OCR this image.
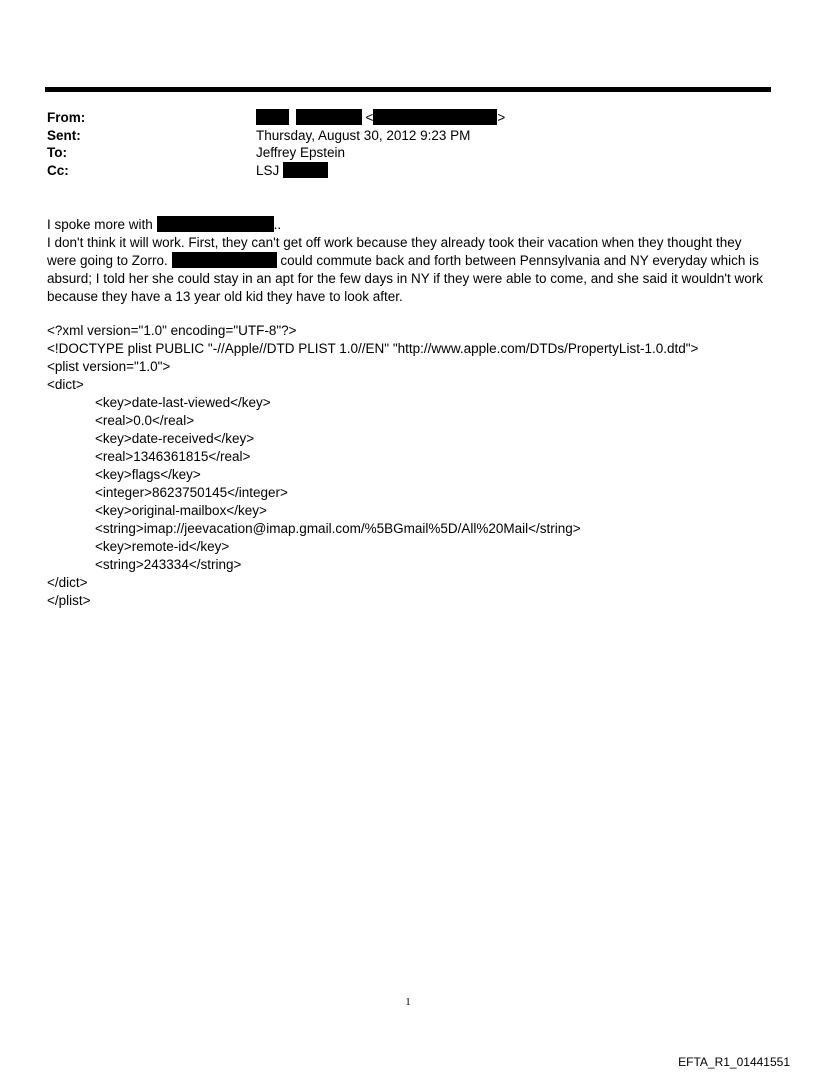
From:	<	>
Sent:	Thursday, August 30, 2012 9:23 PM
To:	Jeffrey Epstein
Cc:	LSJ

I spoke more with	..

I don't think it will work. First, they can't get off work because they already took their vacation when they thought they were going to Zorro.	could commute back and forth between Pennsylvania and NY everyday which is absurd; I told her she could stay in an apt for the few days in NY if they were able to come, and she said it wouldn't work because they have a 13 year old kid they have to look after.

<?xml version="1.0" encoding="UTF-8"?>
<!DOCTYPE plist PUBLIC "-//Apple//DTD PLIST 1.0//EN" "http://www.apple.com/DTDs/PropertyList-1.0.dtd">
<plist version="1.0">
<dict>
<key>date-last-viewed</key>
<real>0.0</real>
<key>date-received</key>
<real>1346361815</real>
<key>flags</key>
<integer>8623750145</integer>
<key>original-mailbox</key>
<string>imap://jeevacation@imap.gmail.com/%5BGmail%5D/All%20Mail</string>
<key>remote-id</key>
<string>243334</string>
</dict>
</plist>
1
EFTA_R1_01441551
